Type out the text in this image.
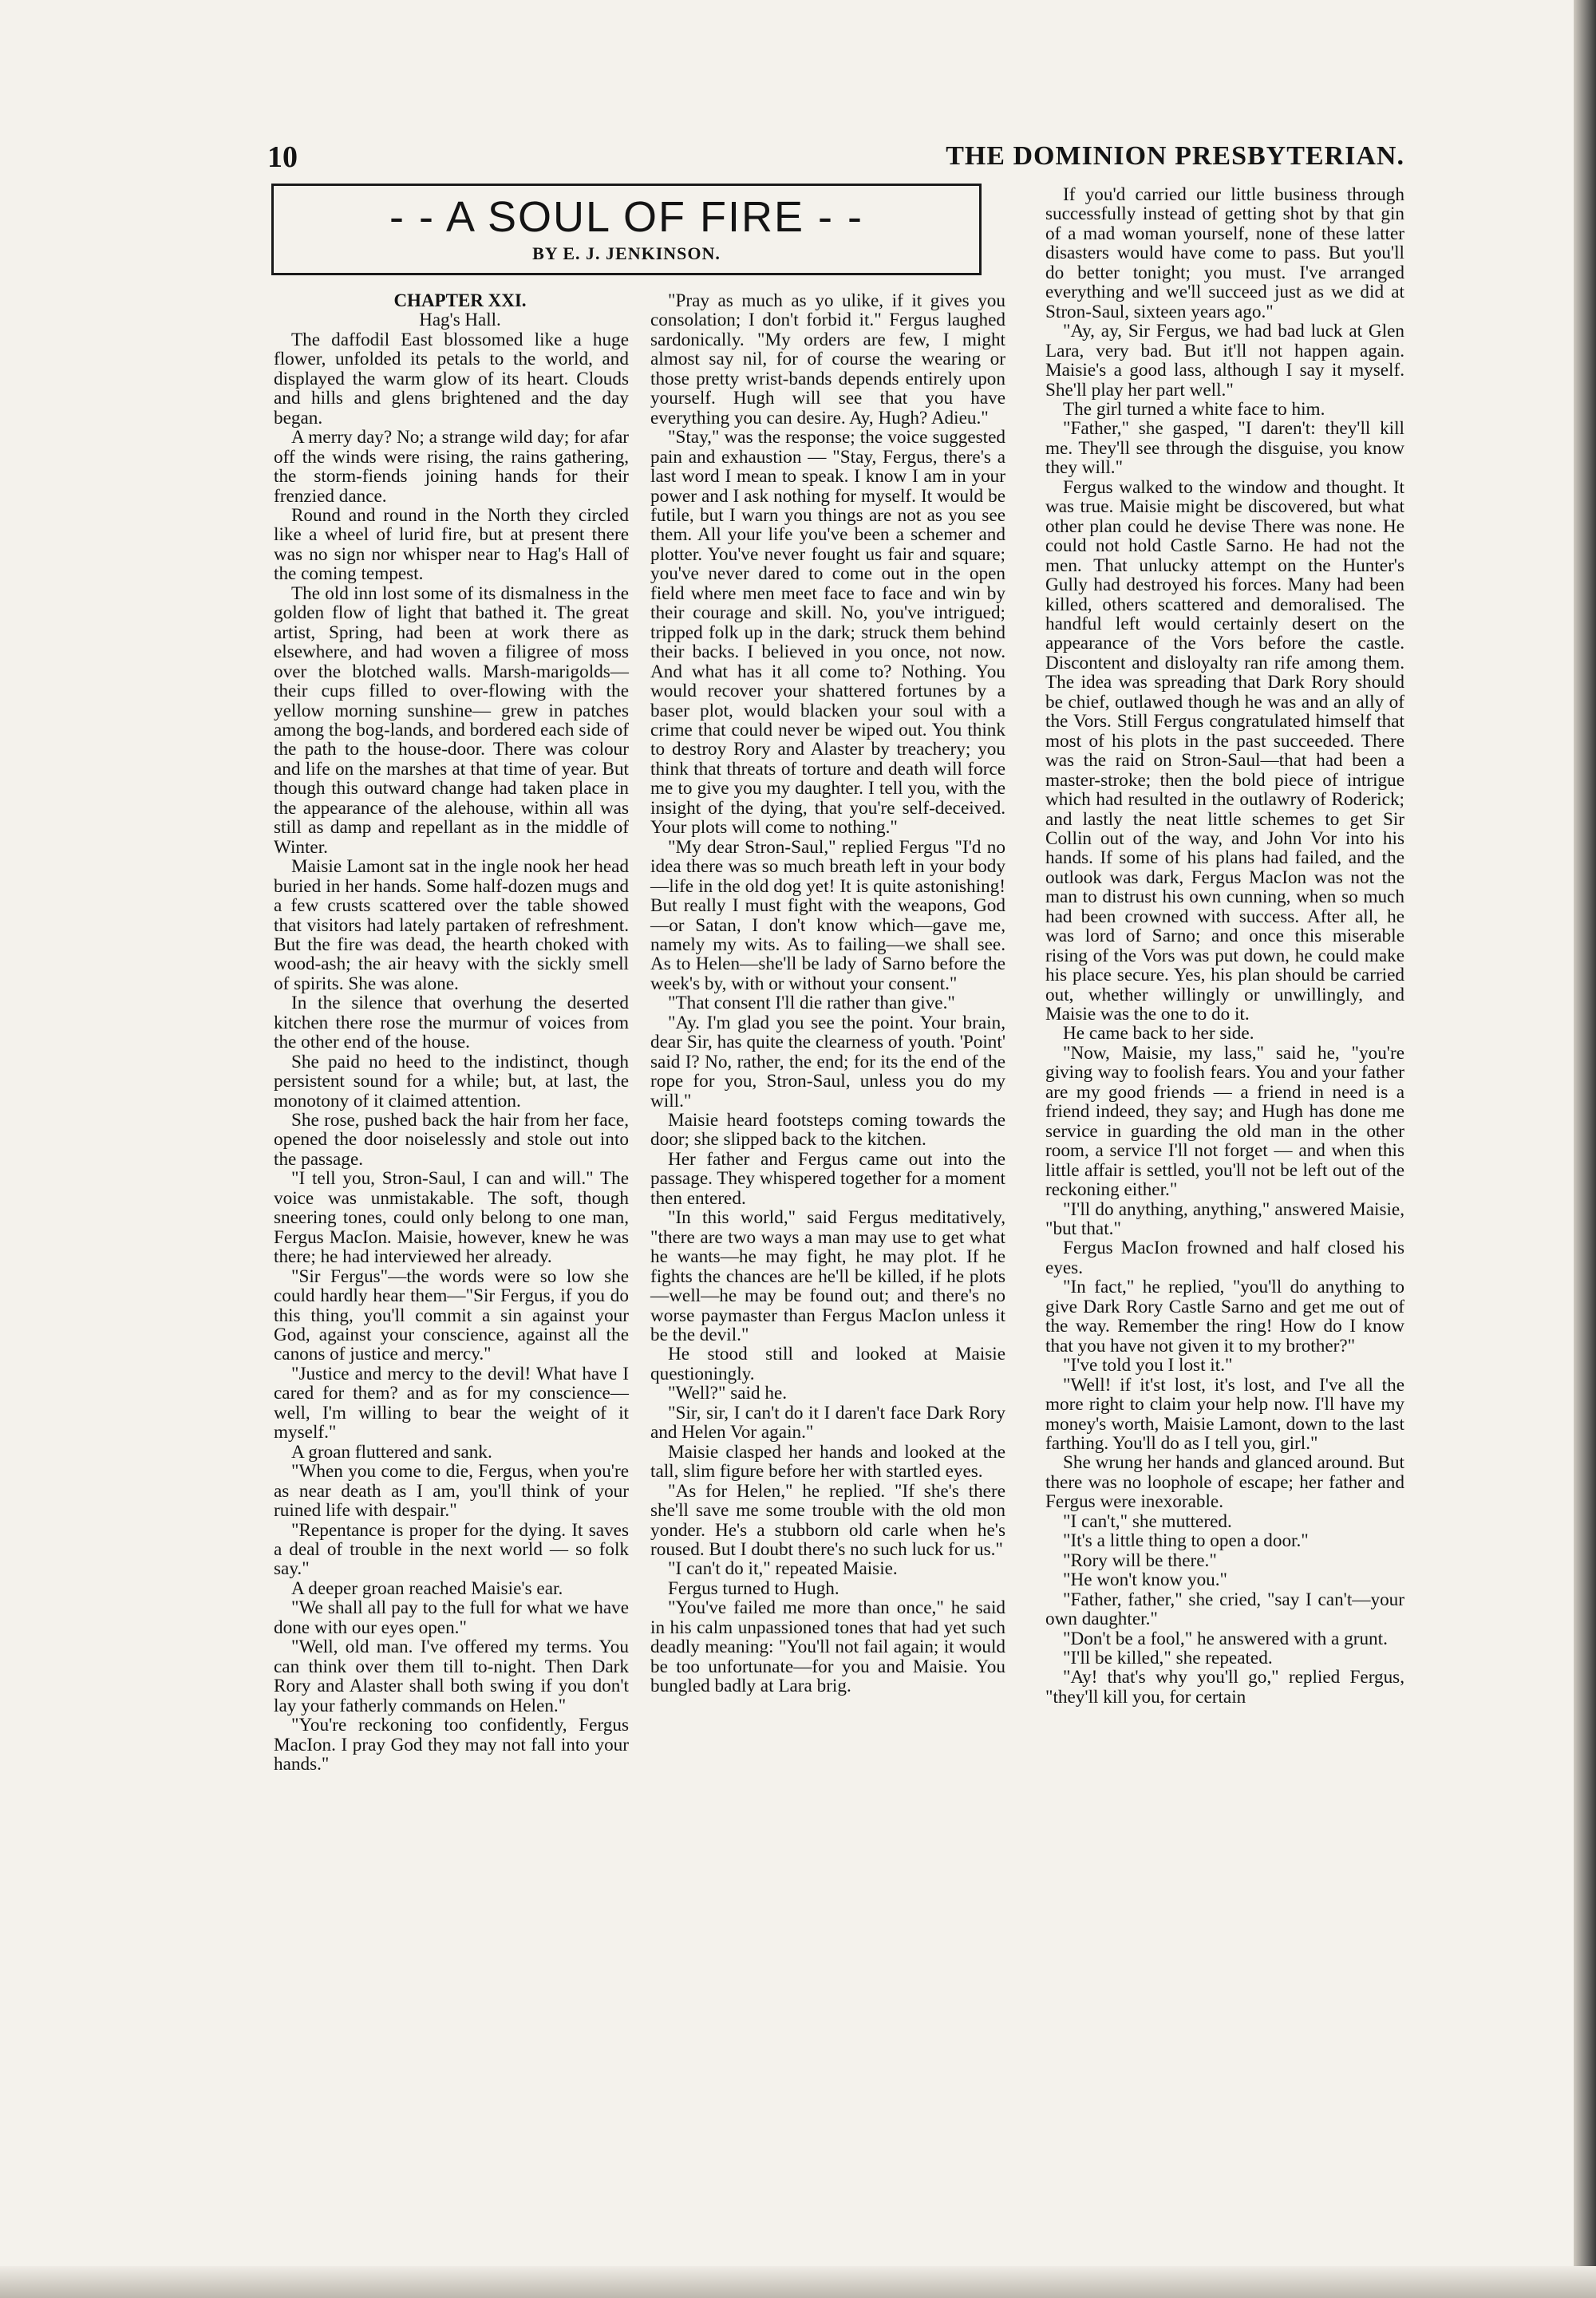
10	THE DOMINION PRESBYTERIAN.
- - A SOUL OF FIRE - -
BY E. J. JENKINSON.

CHAPTER XXI.

Hag's Hall.

The daffodil East blossomed like a huge flower, unfolded its petals to the world, and displayed the warm glow of its heart. Clouds and hills and glens brightened and the day began.

A merry day? No; a strange wild day; for afar off the winds were rising, the rains gathering, the storm-fiends joining hands for their frenzied dance.

Round and round in the North they circled like a wheel of lurid fire, but at present there was no sign nor whisper near to Hag's Hall of the coming tempest.

The old inn lost some of its dismalness in the golden flow of light that bathed it. The great artist, Spring, had been at work there as elsewhere, and had woven a filigree of moss over the blotched walls. Marsh-marigolds—their cups filled to over-flowing with the yellow morning sunshine— grew in patches among the bog-lands, and bordered each side of the path to the house-door. There was colour and life on the marshes at that time of year. But though this outward change had taken place in the appearance of the alehouse, within all was still as damp and repellant as in the middle of Winter.

Maisie Lamont sat in the ingle nook her head buried in her hands. Some half-dozen mugs and a few crusts scattered over the table showed that visitors had lately partaken of refreshment. But the fire was dead, the hearth choked with wood-ash; the air heavy with the sickly smell of spirits. She was alone.

In the silence that overhung the deserted kitchen there rose the murmur of voices from the other end of the house.

She paid no heed to the indistinct, though persistent sound for a while; but, at last, the monotony of it claimed attention.

She rose, pushed back the hair from her face, opened the door noiselessly and stole out into the passage.

"I tell you, Stron-Saul, I can and will." The voice was unmistakable. The soft, though sneering tones, could only belong to one man, Fergus MacIon. Maisie, however, knew he was there; he had interviewed her already.

"Sir Fergus"—the words were so low she could hardly hear them—"Sir Fergus, if you do this thing, you'll commit a sin against your God, against your conscience, against all the canons of justice and mercy."

"Justice and mercy to the devil! What have I cared for them? and as for my conscience—well, I'm willing to bear the weight of it myself."

A groan fluttered and sank.

"When you come to die, Fergus, when you're as near death as I am, you'll think of your ruined life with despair."

"Repentance is proper for the dying. It saves a deal of trouble in the next world — so folk say."

A deeper groan reached Maisie's ear.

"We shall all pay to the full for what we have done with our eyes open."

"Well, old man. I've offered my terms. You can think over them till to-night. Then Dark Rory and Alaster shall both swing if you don't lay your fatherly commands on Helen."

"You're reckoning too confidently, Fergus MacIon. I pray God they may not fall into your hands."

"Pray as much as yo ulike, if it gives you consolation; I don't forbid it." Fergus laughed sardonically. "My orders are few, I might almost say nil, for of course the wearing or those pretty wrist-bands depends entirely upon yourself. Hugh will see that you have everything you can desire. Ay, Hugh? Adieu."

"Stay," was the response; the voice suggested pain and exhaustion — "Stay, Fergus, there's a last word I mean to speak. I know I am in your power and I ask nothing for myself. It would be futile, but I warn you things are not as you see them. All your life you've been a schemer and plotter. You've never fought us fair and square; you've never dared to come out in the open field where men meet face to face and win by their courage and skill. No, you've intrigued; tripped folk up in the dark; struck them behind their backs. I believed in you once, not now. And what has it all come to? Nothing. You would recover your shattered fortunes by a baser plot, would blacken your soul with a crime that could never be wiped out. You think to destroy Rory and Alaster by treachery; you think that threats of torture and death will force me to give you my daughter. I tell you, with the insight of the dying, that you're self-deceived. Your plots will come to nothing."

"My dear Stron-Saul," replied Fergus "I'd no idea there was so much breath left in your body—life in the old dog yet! It is quite astonishing! But really I must fight with the weapons, God—or Satan, I don't know which—gave me, namely my wits. As to failing—we shall see. As to Helen—she'll be lady of Sarno before the week's by, with or without your consent."

"That consent I'll die rather than give."

"Ay. I'm glad you see the point. Your brain, dear Sir, has quite the clearness of youth. 'Point' said I? No, rather, the end; for its the end of the rope for you, Stron-Saul, unless you do my will."

Maisie heard footsteps coming towards the door; she slipped back to the kitchen.

Her father and Fergus came out into the passage. They whispered together for a moment then entered.

"In this world," said Fergus meditatively, "there are two ways a man may use to get what he wants—he may fight, he may plot. If he fights the chances are he'll be killed, if he plots—well—he may be found out; and there's no worse paymaster than Fergus MacIon unless it be the devil."

He stood still and looked at Maisie questioningly.

"Well?" said he.

"Sir, sir, I can't do it I daren't face Dark Rory and Helen Vor again."

Maisie clasped her hands and looked at the tall, slim figure before her with startled eyes.

"As for Helen," he replied. "If she's there she'll save me some trouble with the old mon yonder. He's a stubborn old carle when he's roused. But I doubt there's no such luck for us."

"I can't do it," repeated Maisie.

Fergus turned to Hugh.

"You've failed me more than once," he said in his calm unpassioned tones that had yet such deadly meaning: "You'll not fail again; it would be too unfortunate—for you and Maisie. You bungled badly at Lara brig.

If you'd carried our little business through successfully instead of getting shot by that gin of a mad woman yourself, none of these latter disasters would have come to pass. But you'll do better tonight; you must. I've arranged everything and we'll succeed just as we did at Stron-Saul, sixteen years ago."

"Ay, ay, Sir Fergus, we had bad luck at Glen Lara, very bad. But it'll not happen again. Maisie's a good lass, although I say it myself. She'll play her part well."

The girl turned a white face to him.

"Father," she gasped, "I daren't: they'll kill me. They'll see through the disguise, you know they will."

Fergus walked to the window and thought. It was true. Maisie might be discovered, but what other plan could he devise There was none. He could not hold Castle Sarno. He had not the men. That unlucky attempt on the Hunter's Gully had destroyed his forces. Many had been killed, others scattered and demoralised. The handful left would certainly desert on the appearance of the Vors before the castle. Discontent and disloyalty ran rife among them. The idea was spreading that Dark Rory should be chief, outlawed though he was and an ally of the Vors. Still Fergus congratulated himself that most of his plots in the past succeeded. There was the raid on Stron-Saul—that had been a master-stroke; then the bold piece of intrigue which had resulted in the outlawry of Roderick; and lastly the neat little schemes to get Sir Collin out of the way, and John Vor into his hands. If some of his plans had failed, and the outlook was dark, Fergus MacIon was not the man to distrust his own cunning, when so much had been crowned with success. After all, he was lord of Sarno; and once this miserable rising of the Vors was put down, he could make his place secure. Yes, his plan should be carried out, whether willingly or unwillingly, and Maisie was the one to do it.

He came back to her side.

"Now, Maisie, my lass," said he, "you're giving way to foolish fears. You and your father are my good friends — a friend in need is a friend indeed, they say; and Hugh has done me service in guarding the old man in the other room, a service I'll not forget — and when this little affair is settled, you'll not be left out of the reckoning either."

"I'll do anything, anything," answered Maisie, "but that."

Fergus MacIon frowned and half closed his eyes.

"In fact," he replied, "you'll do anything to give Dark Rory Castle Sarno and get me out of the way. Remember the ring! How do I know that you have not given it to my brother?"

"I've told you I lost it."

"Well! if it'st lost, it's lost, and I've all the more right to claim your help now. I'll have my money's worth, Maisie Lamont, down to the last farthing. You'll do as I tell you, girl."

She wrung her hands and glanced around. But there was no loophole of escape; her father and Fergus were inexorable.

"I can't," she muttered.

"It's a little thing to open a door."

"Rory will be there."

"He won't know you."

"Father, father," she cried, "say I can't—your own daughter."

"Don't be a fool," he answered with a grunt.

"I'll be killed," she repeated.

"Ay! that's why you'll go," replied Fergus, "they'll kill you, for certain
